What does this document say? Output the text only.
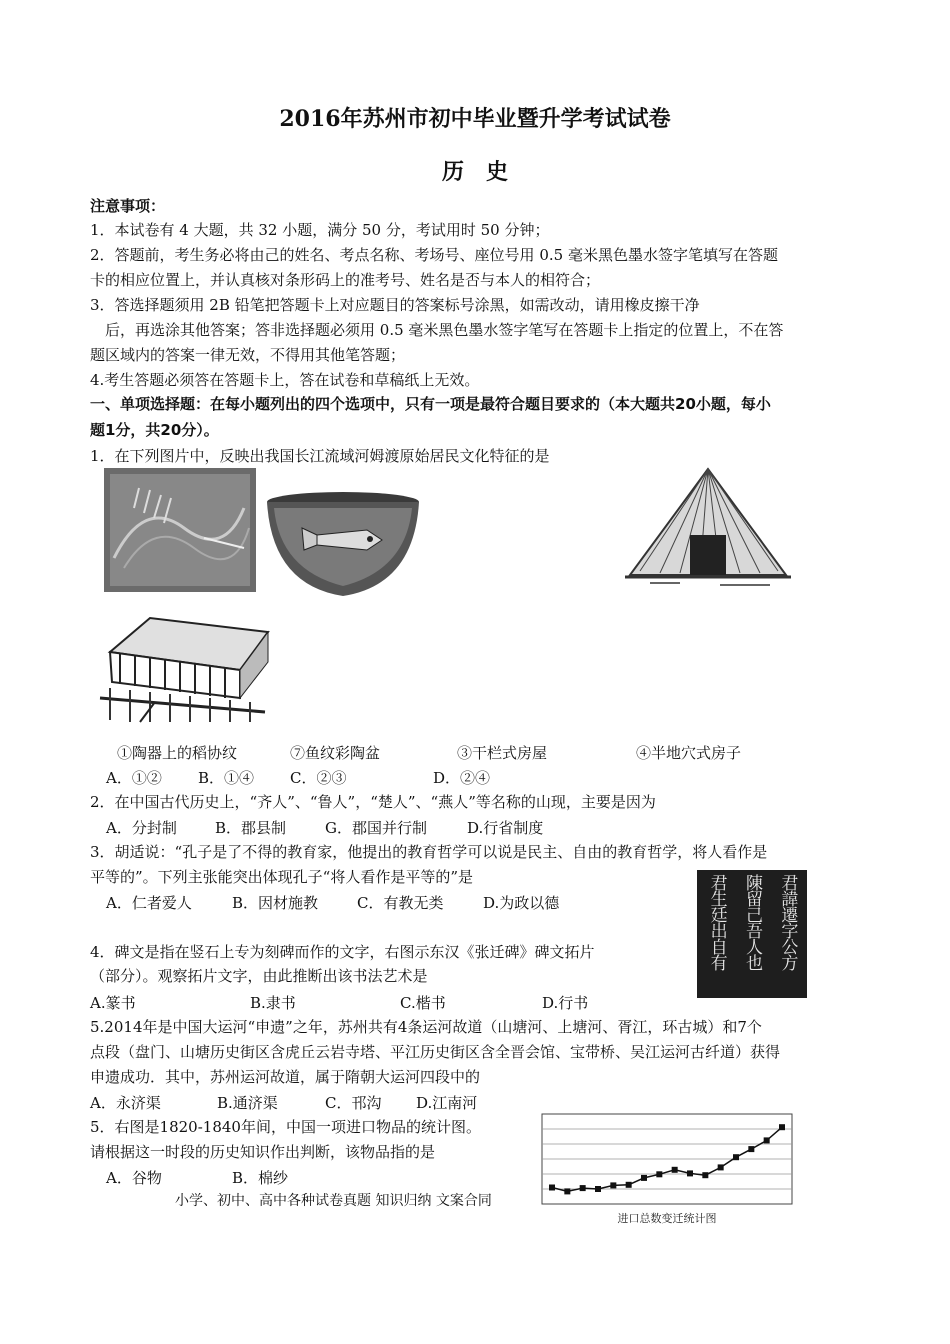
2016年苏州市初中毕业暨升学考试试卷
历　史
注意事项：
1．本试卷有 4 大题，共 32 小题，满分 50 分，考试用时 50 分钟；
2．答题前，考生务必将由己的姓名、考点名称、考场号、座位号用 0.5 毫米黑色墨水签字笔填写在答题
卡的相应位置上，并认真核对条形码上的准考号、姓名是否与本人的相符合；
3．答选择题须用 2B 铅笔把答题卡上对应题目的答案标号涂黑，如需改动，请用橡皮擦干净
　后，再选涂其他答案；答非选择题必须用 0.5 毫米黑色墨水签字笔写在答题卡上指定的位置上，不在答
题区域内的答案一律无效，不得用其他笔答题；
4.考生答题必须答在答题卡上，答在试卷和草稿纸上无效。
一、单项选择题：在每小题列出的四个选项中，只有一项是最符合题目要求的（本大题共20小题，每小
题1分，共20分）。
1．在下列图片中，反映出我国长江流域河姆渡原始居民文化特征的是
①陶器上的稻协纹	⑦鱼纹彩陶盆	③干栏式房屋	④半地穴式房子
A．①② B．①④ C．②③	D．②④
2．在中国古代历史上，“齐人”、“鲁人”，“楚人”、“燕人”等名称的山现，主要是因为
A．分封制	B．郡县制	G．郡国并行制	D.行省制度
3．胡适说：“孔子是了不得的教育家，他提出的教育哲学可以说是民主、自由的教育哲学，将人看作是
平等的”。下列主张能突出体现孔子“将人看作是平等的”是
A．仁者爱人	B．因材施教	C．有教无类	D.为政以德	君諱遷字公方
陳留己吾人也
君生廷出自有
4．碑文是指在竖石上专为刻碑而作的文字，右图示东汉《张迁碑》碑文拓片
（部分）。观察拓片文字，由此推断出该书法艺术是
A.篆书	B.隶书	C.楷书	D.行书
5.2014年是中国大运河“申遗”之年，苏州共有4条运河故道（山塘河、上塘河、胥江，环古城）和7个
点段（盘门、山塘历史街区含虎丘云岩寺塔、平江历史街区含全晋会馆、宝带桥、吴江运河古纤道）获得
申遗成功．其中，苏州运河故道，属于隋朝大运河四段中的
A．永济渠	B.通济渠	C．邗沟 D.江南河
5．右图是1820-1840年间，中国一项进口物品的统计图。
请根据这一时段的历史知识作出判断，该物品指的是
A．谷物	B．棉纱
小学、初中、高中各种试卷真题 知识归纳 文案合同
进口总数变迁统计图
